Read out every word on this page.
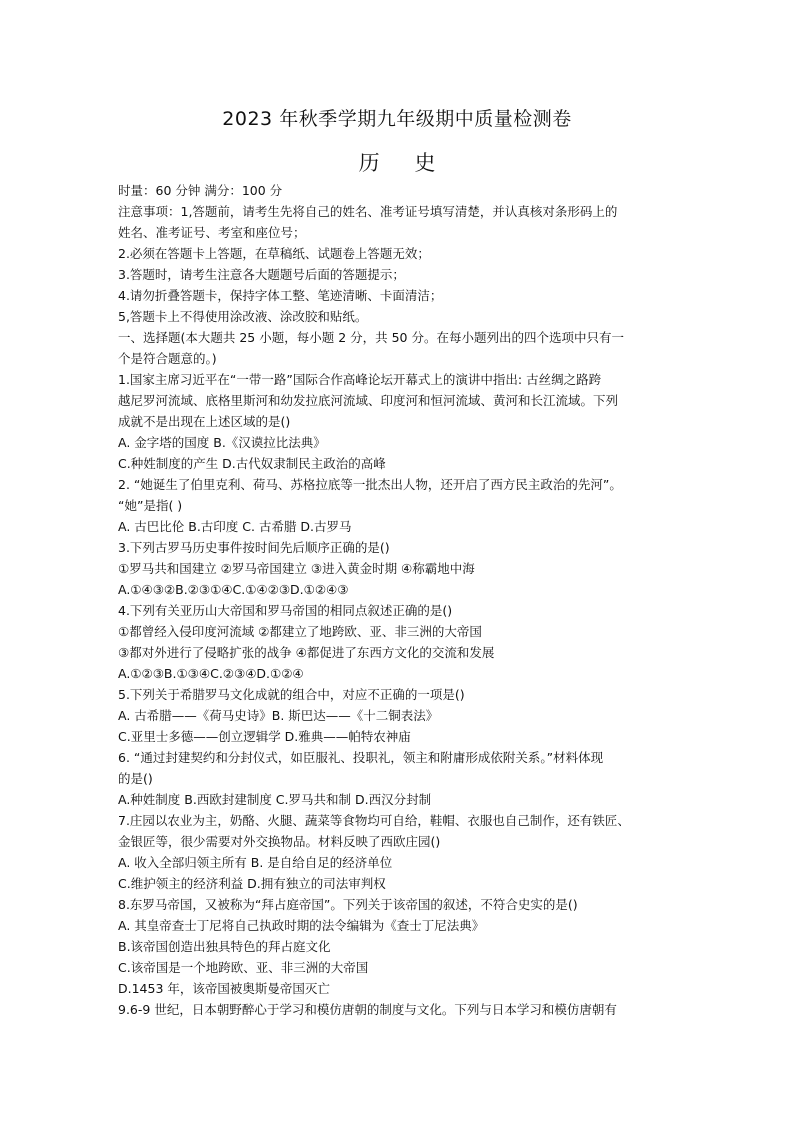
2023 年秋季学期九年级期中质量检测卷
历 史
时量：60 分钟 满分：100 分
注意事项：1,答题前，请考生先将自己的姓名、准考证号填写清楚，并认真核对条形码上的
姓名、准考证号、考室和座位号；
2.必须在答题卡上答题，在草稿纸、试题卷上答题无效；
3.答题时，请考生注意各大题题号后面的答题提示；
4.请勿折叠答题卡，保持字体工整、笔迹清晰、卡面清洁；
5,答题卡上不得使用涂改液、涂改胶和贴纸。
一、选择题(本大题共 25 小题，每小题 2 分，共 50 分。在每小题列出的四个选项中只有一
个是符合题意的。)
1.国家主席习近平在“一带一路”国际合作高峰论坛开幕式上的演讲中指出: 古丝绸之路跨
越尼罗河流域、底格里斯河和幼发拉底河流域、印度河和恒河流域、黄河和长江流域。下列
成就不是出现在上述区域的是()
A. 金字塔的国度 B.《汉谟拉比法典》
C.种姓制度的产生 D.古代奴隶制民主政治的高峰
2. “她诞生了伯里克利、荷马、苏格拉底等一批杰出人物，还开启了西方民主政治的先河”。
“她”是指( )
A. 古巴比伦 B.古印度 C. 古希腊 D.古罗马
3.下列古罗马历史事件按时间先后顺序正确的是()
①罗马共和国建立 ②罗马帝国建立 ③进入黄金时期 ④称霸地中海
A.①④③②B.②③①④C.①④②③D.①②④③
4.下列有关亚历山大帝国和罗马帝国的相同点叙述正确的是()
①都曾经入侵印度河流域 ②都建立了地跨欧、亚、非三洲的大帝国
③都对外进行了侵略扩张的战争 ④都促进了东西方文化的交流和发展
A.①②③B.①③④C.②③④D.①②④
5.下列关于希腊罗马文化成就的组合中，对应不正确的一项是()
A. 古希腊——《荷马史诗》B. 斯巴达——《十二铜表法》
C.亚里士多德——创立逻辑学 D.雅典——帕特农神庙
6. “通过封建契约和分封仪式，如臣服礼、投职礼，领主和附庸形成依附关系。”材料体现
的是()
A.种姓制度 B.西欧封建制度 C.罗马共和制 D.西汉分封制
7.庄园以农业为主，奶酪、火腿、蔬菜等食物均可自给，鞋帽、衣服也自己制作，还有铁匠、
金银匠等，很少需要对外交换物品。材料反映了西欧庄园()
A. 收入全部归领主所有 B. 是自给自足的经济单位
C.维护领主的经济利益 D.拥有独立的司法审判权
8.东罗马帝国，又被称为“拜占庭帝国”。下列关于该帝国的叙述，不符合史实的是()
A. 其皇帝查士丁尼将自己执政时期的法令编辑为《查士丁尼法典》
B.该帝国创造出独具特色的拜占庭文化
C.该帝国是一个地跨欧、亚、非三洲的大帝国
D.1453 年，该帝国被奥斯曼帝国灭亡
9.6-9 世纪，日本朝野醉心于学习和模仿唐朝的制度与文化。下列与日本学习和模仿唐朝有
